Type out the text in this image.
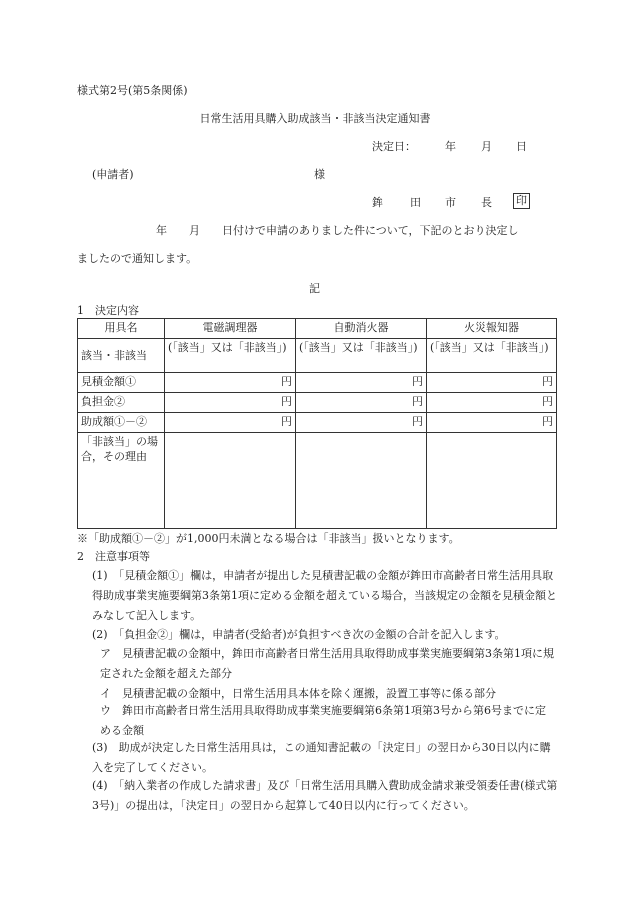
様式第2号(第5条関係)
日常生活用具購入助成該当・非該当決定通知書
決定日：	年 月 日
(申請者)	様
鉾 田 市 長 印
年　　月　　日付けで申請のありました件について，下記のとおり決定し
ましたので通知します。
記
1　決定内容
用具名	電磁調理器	自動消火器	火災報知器
該当・非該当	(「該当」又は「非該当」)	(「該当」又は「非該当」)	(「該当」又は「非該当」)
見積金額①	円	円	円
負担金②	円	円	円
助成額①－②	円	円	円
「非該当」の場合，その理由			
※「助成額①－②」が1,000円未満となる場合は「非該当」扱いとなります。
2　注意事項等
(1)　「見積金額①」欄は，申請者が提出した見積書記載の金額が鉾田市高齢者日常生活用具取得助成事業実施要綱第3条第1項に定める金額を超えている場合，当該規定の金額を見積金額とみなして記入します。
(2)　「負担金②」欄は，申請者(受給者)が負担すべき次の金額の合計を記入します。
ア　見積書記載の金額中，鉾田市高齢者日常生活用具取得助成事業実施要綱第3条第1項に規定された金額を超えた部分
イ　見積書記載の金額中，日常生活用具本体を除く運搬，設置工事等に係る部分
ウ　鉾田市高齢者日常生活用具取得助成事業実施要綱第6条第1項第3号から第6号までに定める金額
(3)　助成が決定した日常生活用具は，この通知書記載の「決定日」の翌日から30日以内に購入を完了してください。
(4)　「納入業者の作成した請求書」及び「日常生活用具購入費助成金請求兼受領委任書(様式第3号)」の提出は，「決定日」の翌日から起算して40日以内に行ってください。
